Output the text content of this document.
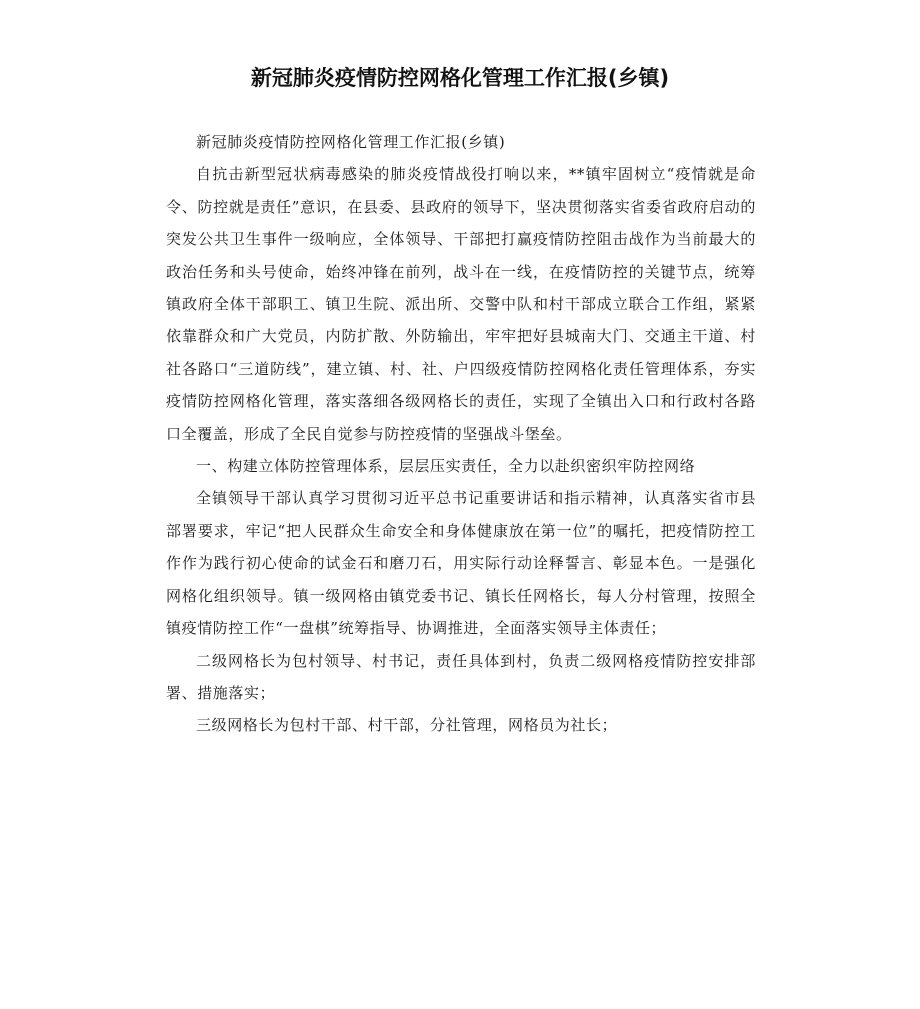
新冠肺炎疫情防控网格化管理工作汇报(乡镇)

新冠肺炎疫情防控网格化管理工作汇报(乡镇)

自抗击新型冠状病毒感染的肺炎疫情战役打响以来，**镇牢固树立“疫情就是命令、防控就是责任”意识，在县委、县政府的领导下，坚决贯彻落实省委省政府启动的突发公共卫生事件一级响应，全体领导、干部把打赢疫情防控阻击战作为当前最大的政治任务和头号使命，始终冲锋在前列，战斗在一线，在疫情防控的关键节点，统筹镇政府全体干部职工、镇卫生院、派出所、交警中队和村干部成立联合工作组，紧紧依靠群众和广大党员，内防扩散、外防输出，牢牢把好县城南大门、交通主干道、村社各路口“三道防线”，建立镇、村、社、户四级疫情防控网格化责任管理体系，夯实疫情防控网格化管理，落实落细各级网格长的责任，实现了全镇出入口和行政村各路口全覆盖，形成了全民自觉参与防控疫情的坚强战斗堡垒。

一、构建立体防控管理体系，层层压实责任，全力以赴织密织牢防控网络

全镇领导干部认真学习贯彻习近平总书记重要讲话和指示精神，认真落实省市县部署要求，牢记“把人民群众生命安全和身体健康放在第一位”的嘱托，把疫情防控工作作为践行初心使命的试金石和磨刀石，用实际行动诠释誓言、彰显本色。一是强化网格化组织领导。镇一级网格由镇党委书记、镇长任网格长，每人分村管理，按照全镇疫情防控工作“一盘棋”统筹指导、协调推进，全面落实领导主体责任；

二级网格长为包村领导、村书记，责任具体到村，负责二级网格疫情防控安排部署、措施落实；

三级网格长为包村干部、村干部，分社管理，网格员为社长；
